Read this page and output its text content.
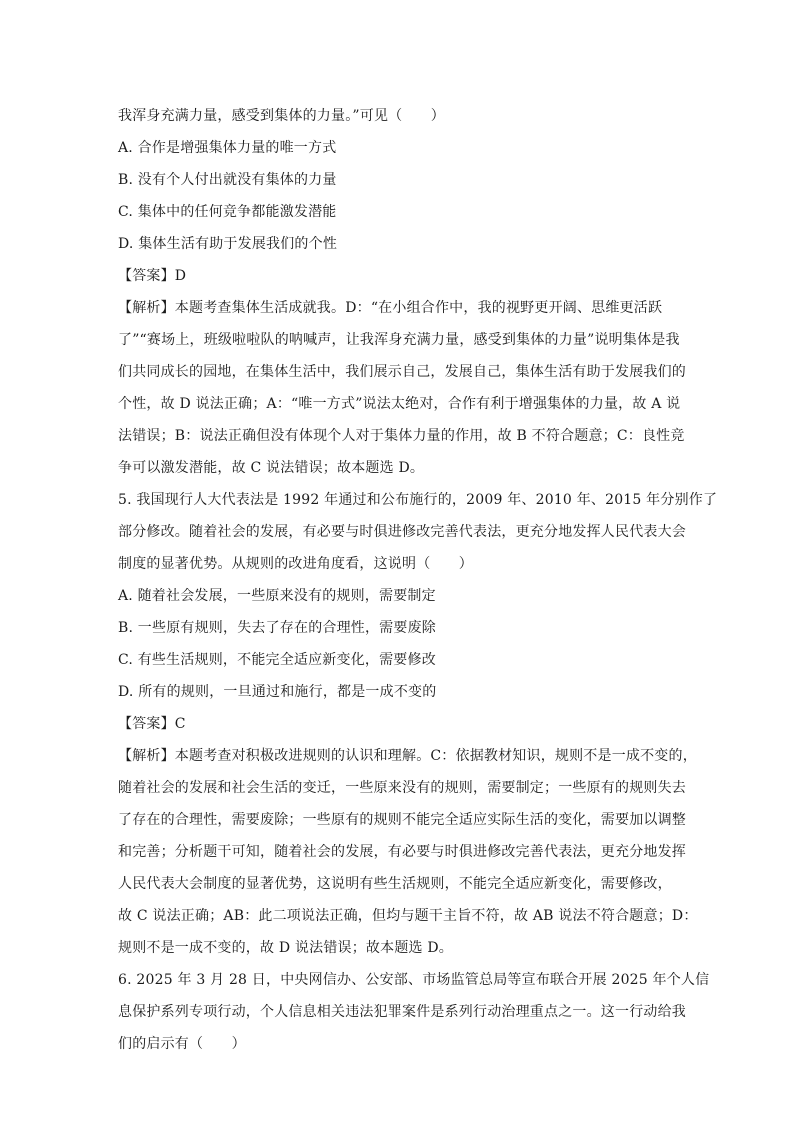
我浑身充满力量，感受到集体的力量。”可见（　　）
A. 合作是增强集体力量的唯一方式
B. 没有个人付出就没有集体的力量
C. 集体中的任何竞争都能激发潜能
D. 集体生活有助于发展我们的个性
【答案】D
【解析】本题考查集体生活成就我。D：“在小组合作中，我的视野更开阔、思维更活跃
了”“赛场上，班级啦啦队的呐喊声，让我浑身充满力量，感受到集体的力量”说明集体是我
们共同成长的园地，在集体生活中，我们展示自己，发展自己，集体生活有助于发展我们的
个性，故 D 说法正确；A：“唯一方式”说法太绝对，合作有利于增强集体的力量，故 A 说
法错误；B：说法正确但没有体现个人对于集体力量的作用，故 B 不符合题意；C：良性竞
争可以激发潜能，故 C 说法错误；故本题选 D。
5. 我国现行人大代表法是 1992 年通过和公布施行的，2009 年、2010 年、2015 年分别作了
部分修改。随着社会的发展，有必要与时俱进修改完善代表法，更充分地发挥人民代表大会
制度的显著优势。从规则的改进角度看，这说明（　　）
A. 随着社会发展，一些原来没有的规则，需要制定
B. 一些原有规则，失去了存在的合理性，需要废除
C. 有些生活规则，不能完全适应新变化，需要修改
D. 所有的规则，一旦通过和施行，都是一成不变的
【答案】C
【解析】本题考查对积极改进规则的认识和理解。C：依据教材知识，规则不是一成不变的，
随着社会的发展和社会生活的变迁，一些原来没有的规则，需要制定；一些原有的规则失去
了存在的合理性，需要废除；一些原有的规则不能完全适应实际生活的变化，需要加以调整
和完善；分析题干可知，随着社会的发展，有必要与时俱进修改完善代表法，更充分地发挥
人民代表大会制度的显著优势，这说明有些生活规则，不能完全适应新变化，需要修改，
故 C 说法正确；AB：此二项说法正确，但均与题干主旨不符，故 AB 说法不符合题意；D：
规则不是一成不变的，故 D 说法错误；故本题选 D。
6. 2025 年 3 月 28 日，中央网信办、公安部、市场监管总局等宣布联合开展 2025 年个人信
息保护系列专项行动，个人信息相关违法犯罪案件是系列行动治理重点之一。这一行动给我
们的启示有（　　）
